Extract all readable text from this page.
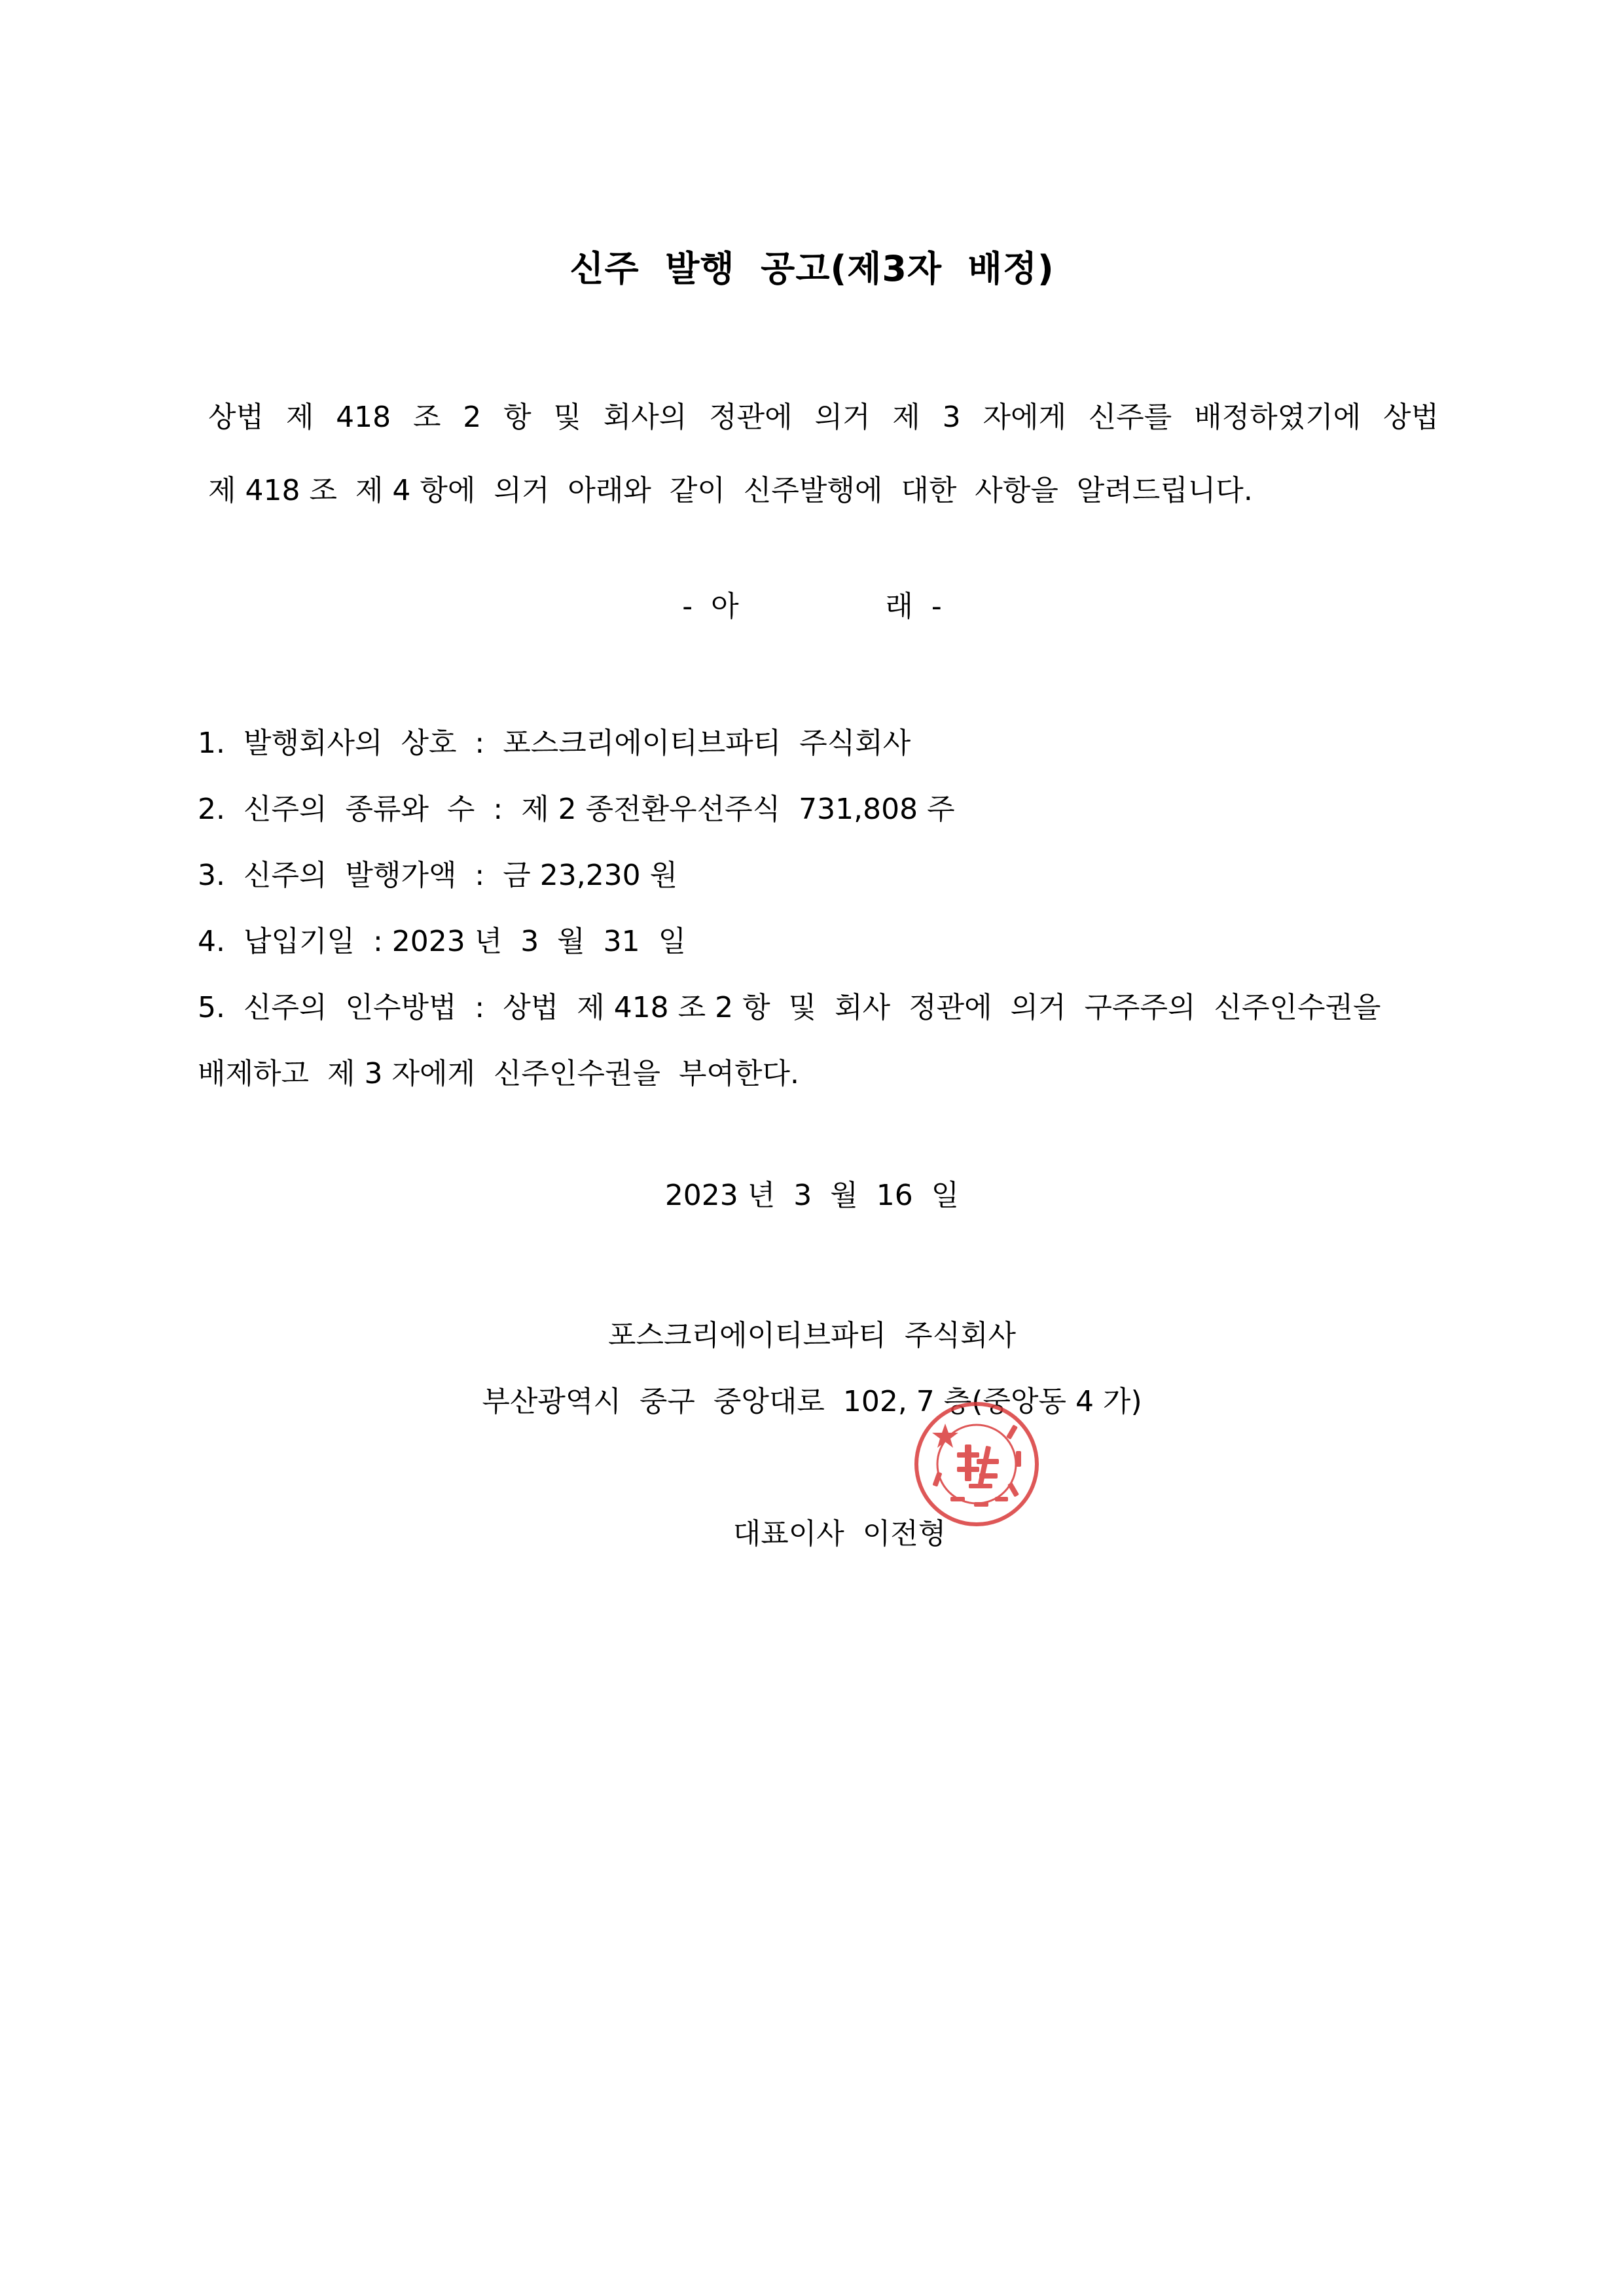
신주  발행  공고(제3자  배정)
상법  제  418  조  2  항  및  회사의  정관에  의거  제  3  자에게  신주를  배정하였기에  상법
제 418 조  제 4 항에  의거  아래와  같이  신주발행에  대한  사항을  알려드립니다.
-  아                래  -
1.  발행회사의  상호  :  포스크리에이티브파티  주식회사
2.  신주의  종류와  수  :  제 2 종전환우선주식  731,808 주
3.  신주의  발행가액  :  금 23,230 원
4.  납입기일  : 2023 년  3  월  31  일
5.  신주의  인수방법  :  상법  제 418 조 2 항  및  회사  정관에  의거  구주주의  신주인수권을
배제하고  제 3 자에게  신주인수권을  부여한다.
2023 년  3  월  16  일
포스크리에이티브파티  주식회사
부산광역시  중구  중앙대로  102, 7 층(중앙동 4 가)

대표이사  이전형
